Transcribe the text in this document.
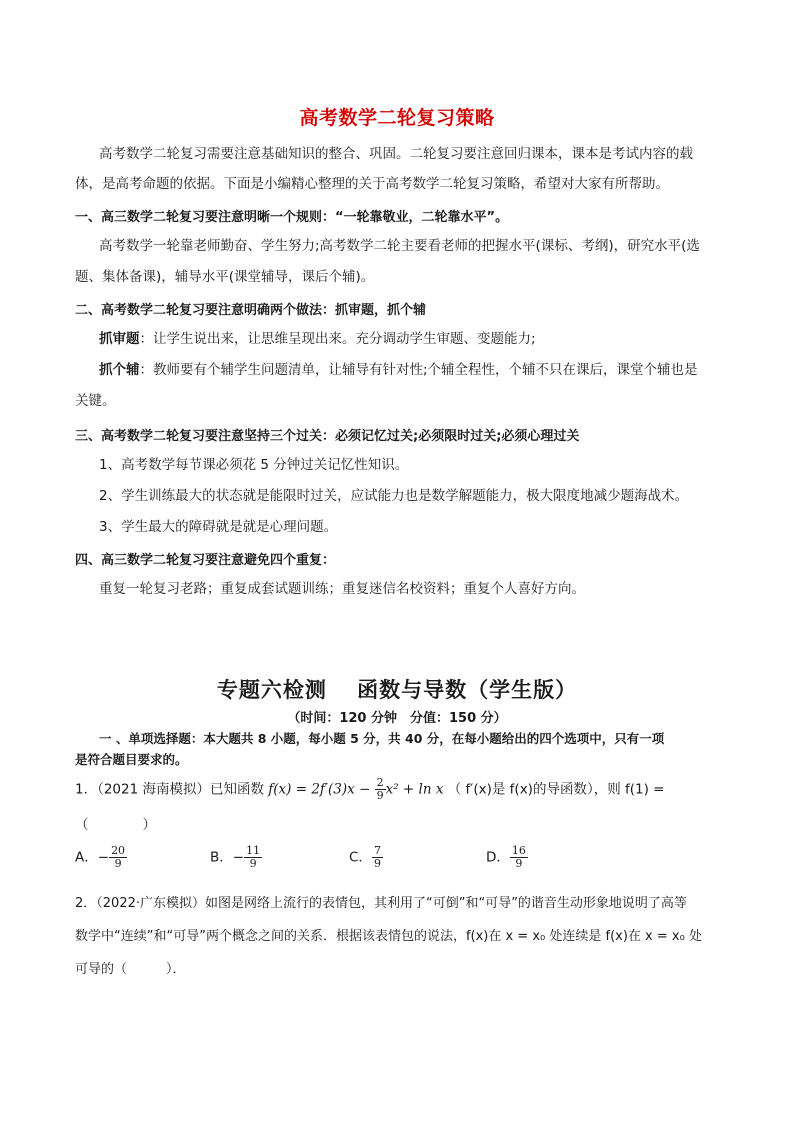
高考数学二轮复习策略
高考数学二轮复习需要注意基础知识的整合、巩固。二轮复习要注意回归课本，课本是考试内容的载
体，是高考命题的依据。下面是小编精心整理的关于高考数学二轮复习策略，希望对大家有所帮助。
一、高三数学二轮复习要注意明晰一个规则：“一轮靠敬业，二轮靠水平”。
高考数学一轮靠老师勤奋、学生努力;高考数学二轮主要看老师的把握水平(课标、考纲)，研究水平(选
题、集体备课)，辅导水平(课堂辅导，课后个辅)。
二、高考数学二轮复习要注意明确两个做法：抓审题，抓个辅
抓审题：让学生说出来，让思维呈现出来。充分调动学生审题、变题能力;
抓个辅：教师要有个辅学生问题清单，让辅导有针对性;个辅全程性，个辅不只在课后，课堂个辅也是
关键。
三、高考数学二轮复习要注意坚持三个过关：必须记忆过关;必须限时过关;必须心理过关
1、高考数学每节课必须花 5 分钟过关记忆性知识。
2、学生训练最大的状态就是能限时过关，应试能力也是数学解题能力，极大限度地减少题海战术。
3、学生最大的障碍就是就是心理问题。
四、高三数学二轮复习要注意避免四个重复：
重复一轮复习老路；重复成套试题训练；重复迷信名校资料；重复个人喜好方向。
专题六检测　 函数与导数（学生版）
（时间：120 分钟　分值：150 分）
一 、单项选择题：本大题共 8 小题，每小题 5 分，共 40 分，在每小题给出的四个选项中，只有一项
是符合题目要求的。
1．（2021 海南模拟）已知函数 $f(x) = 2f'(3)x - \frac{2}{9} x^2 + \ln x$ （ f′(x)是 f(x)的导函数），则 f(1) =
（　　　　）
A．− $\frac{20}{9}$	B．− $\frac{11}{9}$	C． $\frac{7}{9}$	D． $\frac{16}{9}$
2．（2022·广东模拟）如图是网络上流行的表情包，其利用了“可倒”和“可导”的谐音生动形象地说明了高等
数学中“连续”和“可导”两个概念之间的关系．根据该表情包的说法，f(x)在 x = x₀ 处连续是 f(x)在 x = x₀ 处
可导的（　　　）．
